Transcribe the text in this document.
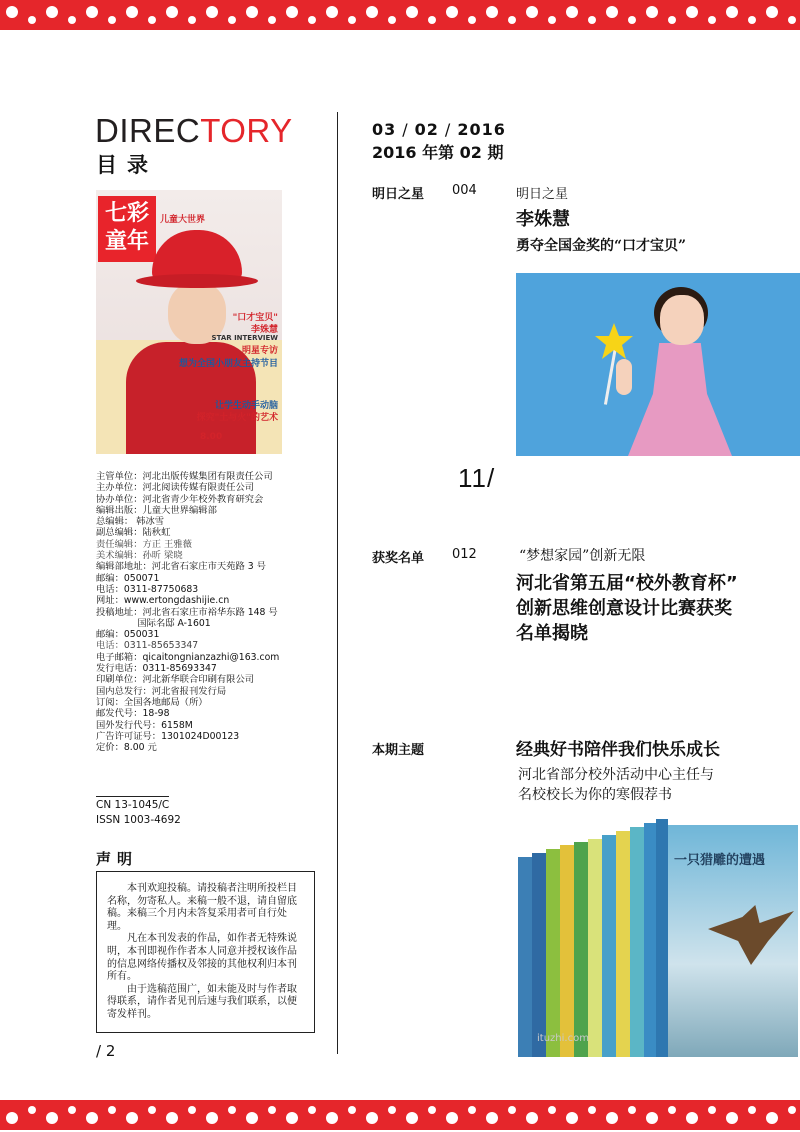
DIRECTORY
目录
七彩童年
儿童大世界
"口才宝贝"
李姝慧
STAR INTERVIEW
明星专访
想为全国小朋友主持节目
让学生动手动脑
探究"土与火"的艺术
8.00
主管单位：河北出版传媒集团有限责任公司
主办单位：河北阅读传媒有限责任公司
协办单位：河北省青少年校外教育研究会
编辑出版：儿童大世界编辑部
总编辑： 韩冰雪
副总编辑：陆秋虹
责任编辑：方正 王雅薇
美术编辑：孙昕 梁晓
编辑部地址：河北省石家庄市天苑路 3 号
邮编：050071
电话：0311-87750683
网址：www.ertongdashijie.cn
投稿地址：河北省石家庄市裕华东路 148 号
国际名邸 A-1601
邮编：050031
电话：0311-85653347
电子邮箱：qicaitongnianzazhi@163.com
发行电话：0311-85693347
印刷单位：河北新华联合印刷有限公司
国内总发行：河北省报刊发行局
订阅：全国各地邮局（所）
邮发代号：18-98
国外发行代号：6158M
广告许可证号：1301024D00123
定价：8.00 元
CN 13-1045/C
ISSN 1003-4692
声明

本刊欢迎投稿。请投稿者注明所投栏目名称，勿寄私人。来稿一般不退，请自留底稿。来稿三个月内未答复采用者可自行处理。

凡在本刊发表的作品，如作者无特殊说明，本刊即视作作者本人同意并授权该作品的信息网络传播权及邻接的其他权利归本刊所有。

由于选稿范围广，如未能及时与作者取得联系，请作者见刊后速与我们联系，以便寄发样刊。

/ 2
03 / 02 / 2016
2016 年第 02 期
明日之星 004	明日之星
李姝慧
勇夺全国金奖的“口才宝贝”
11/
获奖名单 012	“梦想家园”创新无限
河北省第五届“校外教育杯”
创新思维创意设计比赛获奖
名单揭晓
本期主题	经典好书陪伴我们快乐成长
河北省部分校外活动中心主任与
名校校长为你的寒假荐书
一只猎雕的遭遇
ituzhi.com
